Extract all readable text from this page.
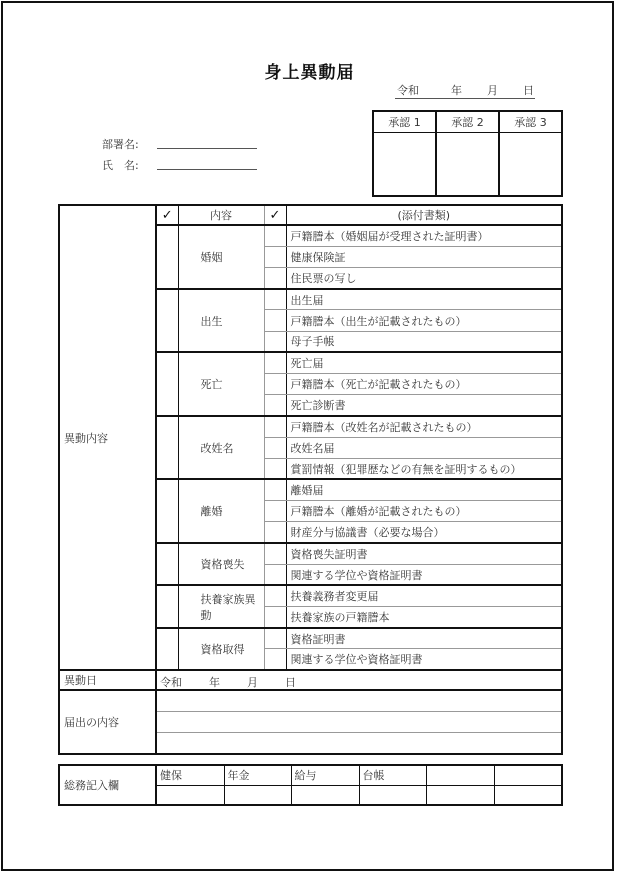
身上異動届
令和	年 月 日
部署名:
氏　名:
承認 1	承認 2	承認 3

異動内容	✓	内容	✓	(添付書類)
		婚姻		戸籍謄本（婚姻届が受理された証明書）
				健康保険証
				住民票の写し
		出生		出生届
				戸籍謄本（出生が記載されたもの）
				母子手帳
		死亡		死亡届
				戸籍謄本（死亡が記載されたもの）
				死亡診断書
		改姓名		戸籍謄本（改姓名が記載されたもの）
				改姓名届
				賞罰情報（犯罪歴などの有無を証明するもの）
		離婚		離婚届
				戸籍謄本（離婚が記載されたもの）
				財産分与協議書（必要な場合）
		資格喪失		資格喪失証明書
				関連する学位や資格証明書
		扶養家族異動		扶養義務者変更届
				扶養家族の戸籍謄本
		資格取得		資格証明書
				関連する学位や資格証明書
異動日	令和 年 月 日			

届出の内容				

総務記入欄	健保	年金	給与	台帳		
